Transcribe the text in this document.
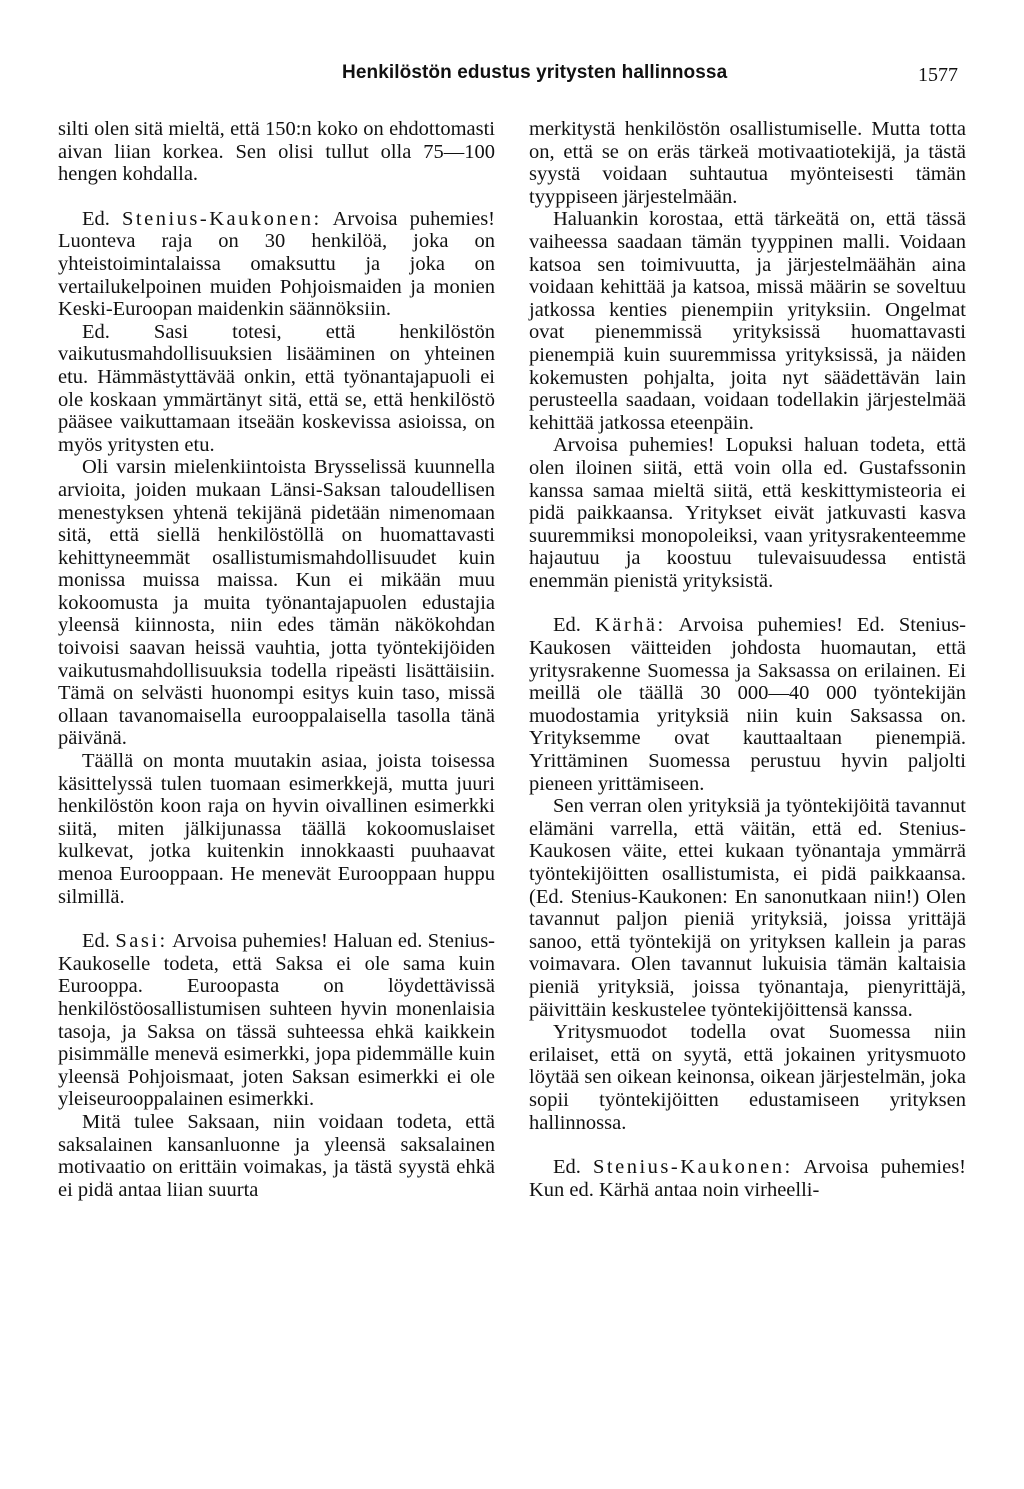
Henkilöstön edustus yritysten hallinnossa	1577

silti olen sitä mieltä, että 150:n koko on ehdottomasti aivan liian korkea. Sen olisi tullut olla 75—100 hengen kohdalla.

Ed. Stenius-Kaukonen: Arvoisa puhemies! Luonteva raja on 30 henkilöä, joka on yhteistoimintalaissa omaksuttu ja joka on vertailukelpoinen muiden Pohjoismaiden ja monien Keski-Euroopan maidenkin säännöksiin.

Ed. Sasi totesi, että henkilöstön vaikutusmahdollisuuksien lisääminen on yhteinen etu. Hämmästyttävää onkin, että työnantajapuoli ei ole koskaan ymmärtänyt sitä, että se, että henkilöstö pääsee vaikuttamaan itseään koskevissa asioissa, on myös yritysten etu.

Oli varsin mielenkiintoista Brysselissä kuunnella arvioita, joiden mukaan Länsi-Saksan taloudellisen menestyksen yhtenä tekijänä pidetään nimenomaan sitä, että siellä henkilöstöllä on huomattavasti kehittyneemmät osallistumismahdollisuudet kuin monissa muissa maissa. Kun ei mikään muu kokoomusta ja muita työnantajapuolen edustajia yleensä kiinnosta, niin edes tämän näkökohdan toivoisi saavan heissä vauhtia, jotta työntekijöiden vaikutusmahdollisuuksia todella ripeästi lisättäisiin. Tämä on selvästi huonompi esitys kuin taso, missä ollaan tavanomaisella eurooppalaisella tasolla tänä päivänä.

Täällä on monta muutakin asiaa, joista toisessa käsittelyssä tulen tuomaan esimerkkejä, mutta juuri henkilöstön koon raja on hyvin oivallinen esimerkki siitä, miten jälkijunassa täällä kokoomuslaiset kulkevat, jotka kuitenkin innokkaasti puuhaavat menoa Eurooppaan. He menevät Eurooppaan huppu silmillä.

Ed. Sasi: Arvoisa puhemies! Haluan ed. Stenius-Kaukoselle todeta, että Saksa ei ole sama kuin Eurooppa. Euroopasta on löydettävissä henkilöstöosallistumisen suhteen hyvin monenlaisia tasoja, ja Saksa on tässä suhteessa ehkä kaikkein pisimmälle menevä esimerkki, jopa pidemmälle kuin yleensä Pohjoismaat, joten Saksan esimerkki ei ole yleiseurooppalainen esimerkki.

Mitä tulee Saksaan, niin voidaan todeta, että saksalainen kansanluonne ja yleensä saksalainen motivaatio on erittäin voimakas, ja tästä syystä ehkä ei pidä antaa liian suurta

merkitystä henkilöstön osallistumiselle. Mutta totta on, että se on eräs tärkeä motivaatiotekijä, ja tästä syystä voidaan suhtautua myönteisesti tämän tyyppiseen järjestelmään.

Haluankin korostaa, että tärkeätä on, että tässä vaiheessa saadaan tämän tyyppinen malli. Voidaan katsoa sen toimivuutta, ja järjestelmäähän aina voidaan kehittää ja katsoa, missä määrin se soveltuu jatkossa kenties pienempiin yrityksiin. Ongelmat ovat pienemmissä yrityksissä huomattavasti pienempiä kuin suuremmissa yrityksissä, ja näiden kokemusten pohjalta, joita nyt säädettävän lain perusteella saadaan, voidaan todellakin järjestelmää kehittää jatkossa eteenpäin.

Arvoisa puhemies! Lopuksi haluan todeta, että olen iloinen siitä, että voin olla ed. Gustafssonin kanssa samaa mieltä siitä, että keskittymisteoria ei pidä paikkaansa. Yritykset eivät jatkuvasti kasva suuremmiksi monopoleiksi, vaan yritysrakenteemme hajautuu ja koostuu tulevaisuudessa entistä enemmän pienistä yrityksistä.

Ed. Kärhä: Arvoisa puhemies! Ed. Stenius-Kaukosen väitteiden johdosta huomautan, että yritysrakenne Suomessa ja Saksassa on erilainen. Ei meillä ole täällä 30 000—40 000 työntekijän muodostamia yrityksiä niin kuin Saksassa on. Yrityksemme ovat kauttaaltaan pienempiä. Yrittäminen Suomessa perustuu hyvin paljolti pieneen yrittämiseen.

Sen verran olen yrityksiä ja työntekijöitä tavannut elämäni varrella, että väitän, että ed. Stenius-Kaukosen väite, ettei kukaan työnantaja ymmärrä työntekijöitten osallistumista, ei pidä paikkaansa. (Ed. Stenius-Kaukonen: En sanonutkaan niin!) Olen tavannut paljon pieniä yrityksiä, joissa yrittäjä sanoo, että työntekijä on yrityksen kallein ja paras voimavara. Olen tavannut lukuisia tämän kaltaisia pieniä yrityksiä, joissa työnantaja, pienyrittäjä, päivittäin keskustelee työntekijöittensä kanssa.

Yritysmuodot todella ovat Suomessa niin erilaiset, että on syytä, että jokainen yritysmuoto löytää sen oikean keinonsa, oikean järjestelmän, joka sopii työntekijöitten edustamiseen yrityksen hallinnossa.

Ed. Stenius-Kaukonen: Arvoisa puhemies! Kun ed. Kärhä antaa noin virheelli-
